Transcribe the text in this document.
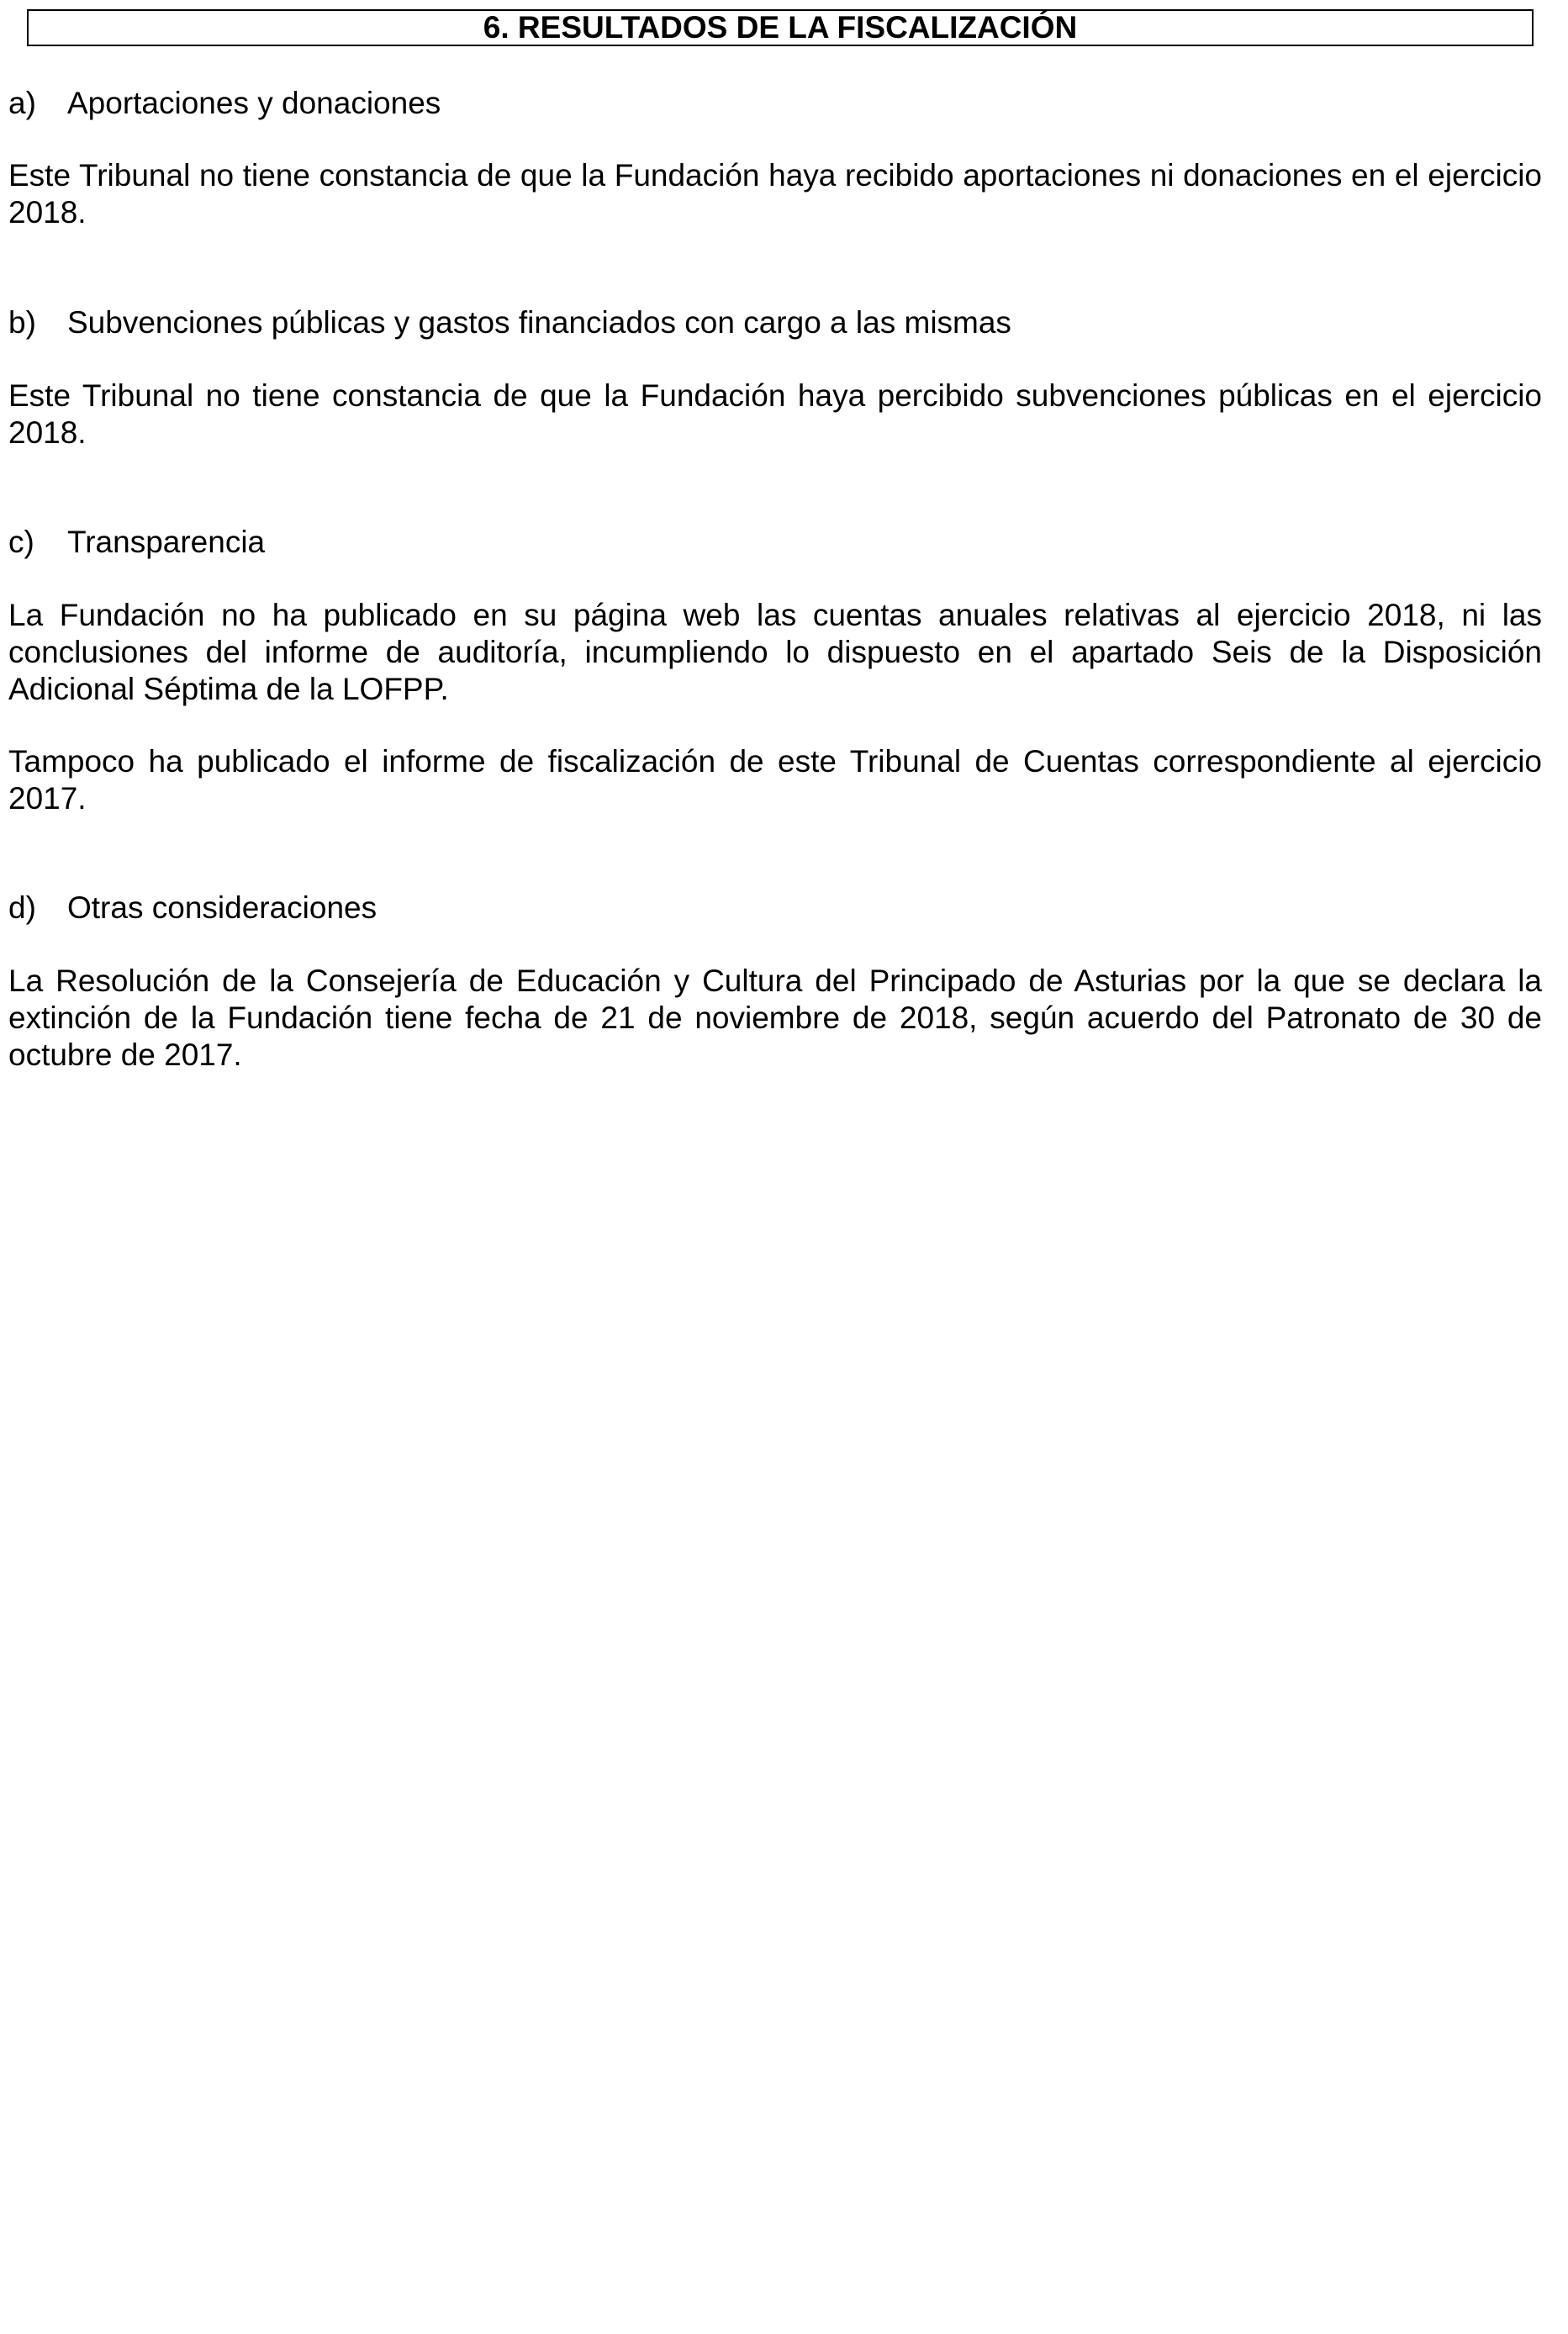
6. RESULTADOS DE LA FISCALIZACIÓN
a) Aportaciones y donaciones

Este Tribunal no tiene constancia de que la Fundación haya recibido aportaciones ni donaciones en el ejercicio 2018.

b) Subvenciones públicas y gastos financiados con cargo a las mismas

Este Tribunal no tiene constancia de que la Fundación haya percibido subvenciones públicas en el ejercicio 2018.

c) Transparencia

La Fundación no ha publicado en su página web las cuentas anuales relativas al ejercicio 2018, ni las conclusiones del informe de auditoría, incumpliendo lo dispuesto en el apartado Seis de la Disposición Adicional Séptima de la LOFPP.

Tampoco ha publicado el informe de fiscalización de este Tribunal de Cuentas correspondiente al ejercicio 2017.

d) Otras consideraciones

La Resolución de la Consejería de Educación y Cultura del Principado de Asturias por la que se declara la extinción de la Fundación tiene fecha de 21 de noviembre de 2018, según acuerdo del Patronato de 30 de octubre de 2017.
